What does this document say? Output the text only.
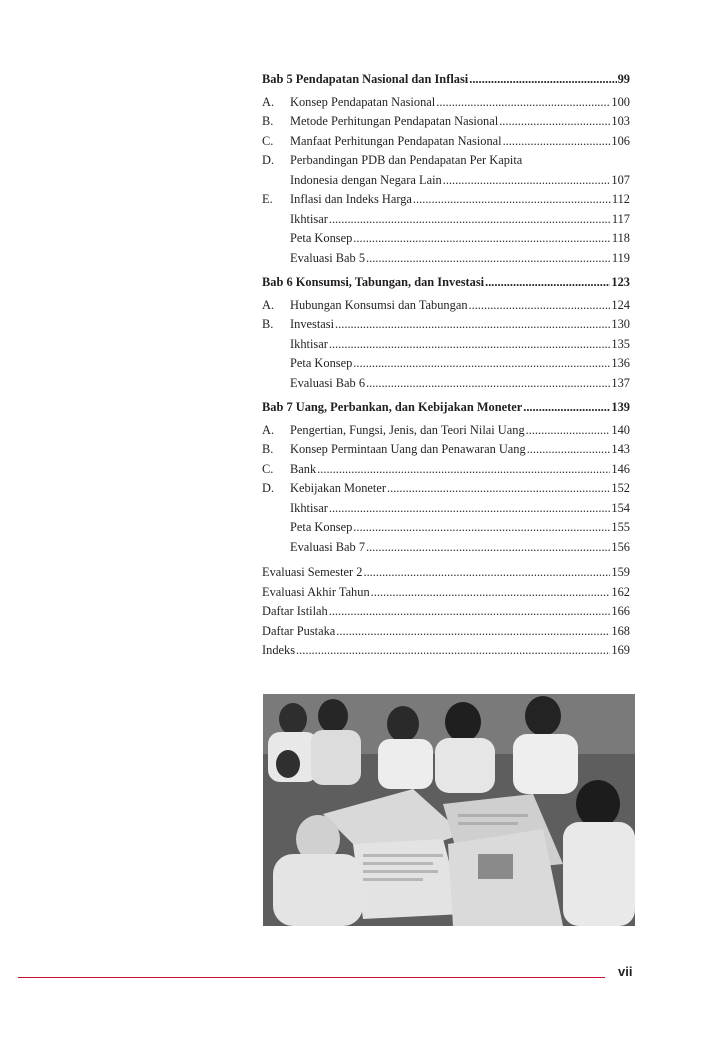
Bab 5 Pendapatan Nasional dan Inflasi .....	99
A.	Konsep Pendapatan Nasional .....	100
B.	Metode Perhitungan Pendapatan Nasional .....	103
C.	Manfaat Perhitungan Pendapatan Nasional .....	106
D.	Perbandingan PDB dan Pendapatan Per Kapita
Indonesia dengan Negara Lain .....	107
E.	Inflasi dan Indeks Harga .....	112
Ikhtisar .....	117
Peta Konsep .....	118
Evaluasi Bab 5 .....	119
Bab 6 Konsumsi, Tabungan, dan Investasi .....	123
A.	Hubungan Konsumsi dan Tabungan .....	124
B.	Investasi .....	130
Ikhtisar .....	135
Peta Konsep .....	136
Evaluasi Bab 6 .....	137
Bab 7 Uang, Perbankan, dan Kebijakan Moneter .....	139
A.	Pengertian, Fungsi, Jenis, dan Teori Nilai Uang .....	140
B.	Konsep Permintaan Uang dan Penawaran Uang .....	143
C.	Bank .....	146
D.	Kebijakan Moneter .....	152
Ikhtisar .....	154
Peta Konsep .....	155
Evaluasi Bab 7 .....	156
Evaluasi Semester 2 .....	159
Evaluasi Akhir Tahun .....	162
Daftar Istilah .....	166
Daftar Pustaka .....	168
Indeks .....	169
vii
